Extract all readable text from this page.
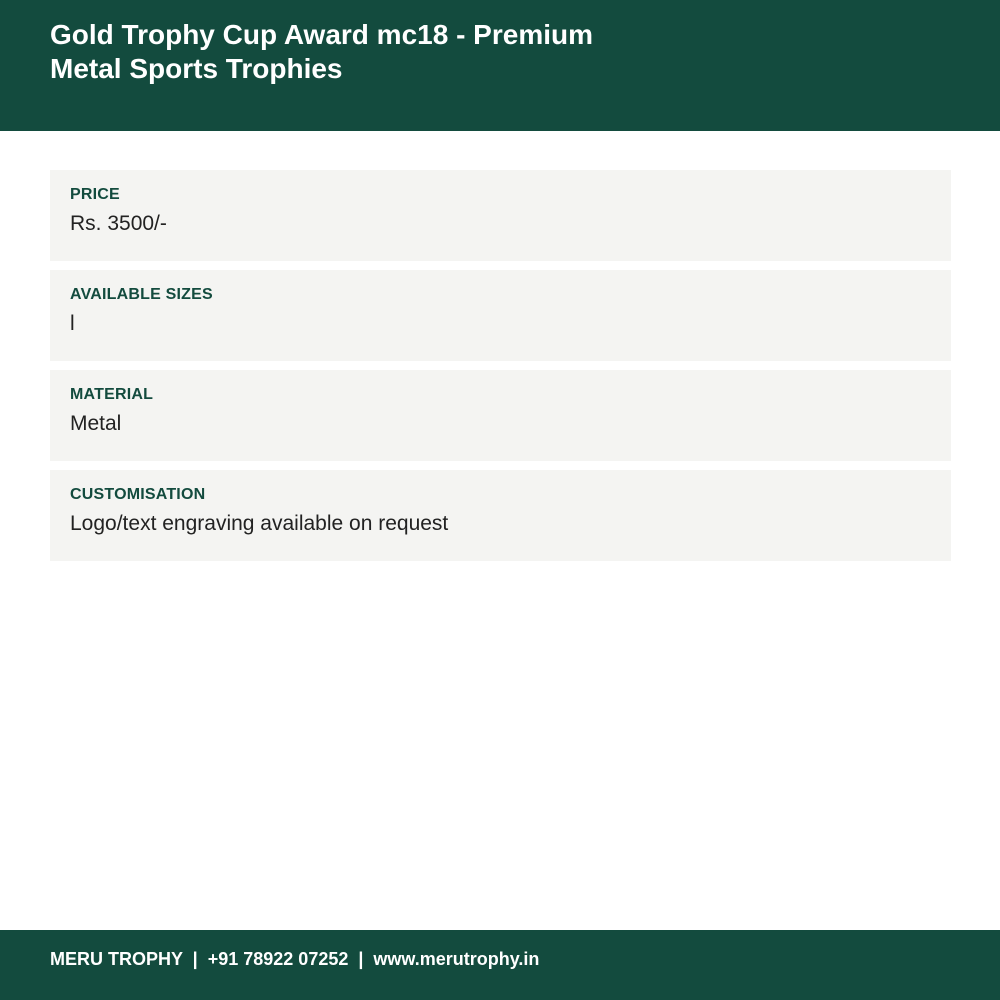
Gold Trophy Cup Award mc18 - Premium Metal Sports Trophies
PRICE
Rs. 3500/-
AVAILABLE SIZES
l
MATERIAL
Metal
CUSTOMISATION
Logo/text engraving available on request
MERU TROPHY  |  +91 78922 07252  |  www.merutrophy.in
